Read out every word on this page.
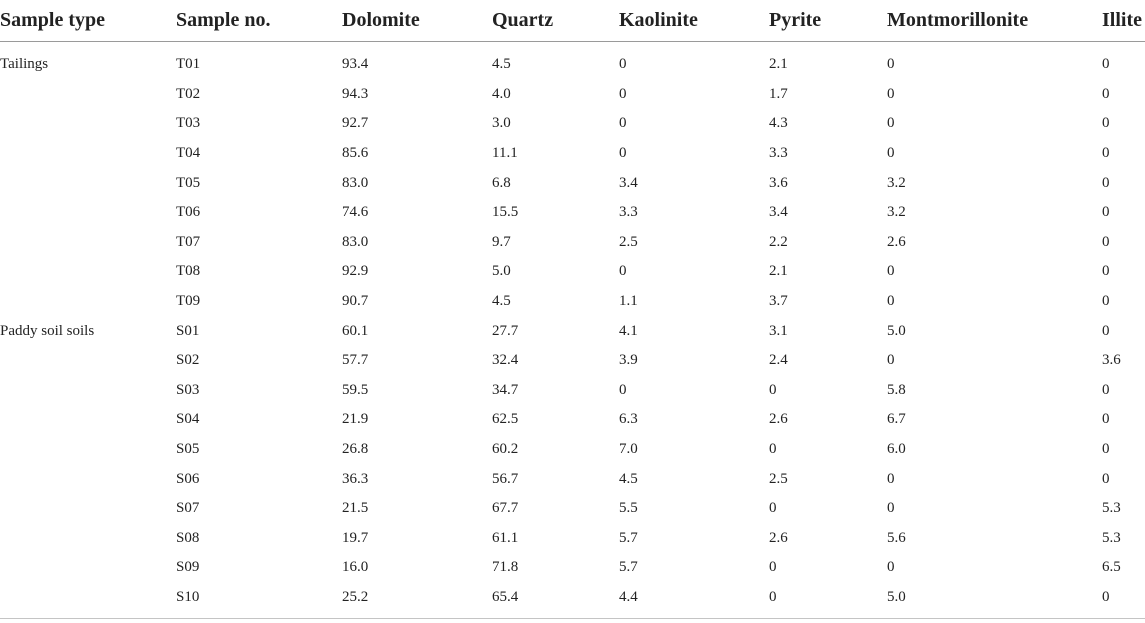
Sample type	Sample no.	Dolomite	Quartz	Kaolinite	Pyrite	Montmorillonite	Illite
Tailings	T01	93.4	4.5	0	2.1	0	0
	T02	94.3	4.0	0	1.7	0	0
	T03	92.7	3.0	0	4.3	0	0
	T04	85.6	11.1	0	3.3	0	0
	T05	83.0	6.8	3.4	3.6	3.2	0
	T06	74.6	15.5	3.3	3.4	3.2	0
	T07	83.0	9.7	2.5	2.2	2.6	0
	T08	92.9	5.0	0	2.1	0	0
	T09	90.7	4.5	1.1	3.7	0	0
Paddy soil soils	S01	60.1	27.7	4.1	3.1	5.0	0
	S02	57.7	32.4	3.9	2.4	0	3.6
	S03	59.5	34.7	0	0	5.8	0
	S04	21.9	62.5	6.3	2.6	6.7	0
	S05	26.8	60.2	7.0	0	6.0	0
	S06	36.3	56.7	4.5	2.5	0	0
	S07	21.5	67.7	5.5	0	0	5.3
	S08	19.7	61.1	5.7	2.6	5.6	5.3
	S09	16.0	71.8	5.7	0	0	6.5
	S10	25.2	65.4	4.4	0	5.0	0
